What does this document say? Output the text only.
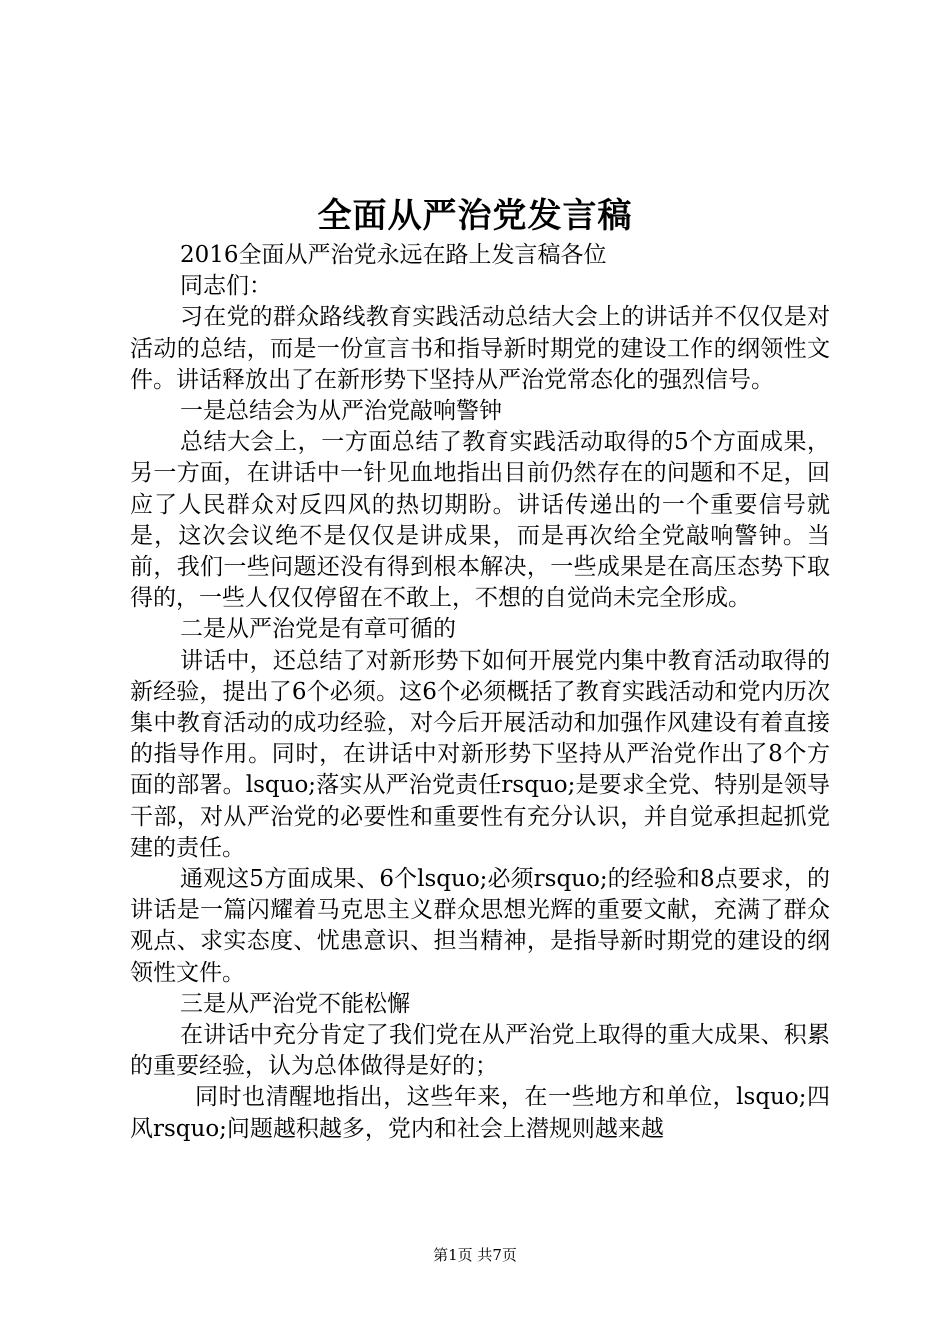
全面从严治党发言稿

2016全面从严治党永远在路上发言稿各位

同志们：

习在党的群众路线教育实践活动总结大会上的讲话并不仅仅是对活动的总结，而是一份宣言书和指导新时期党的建设工作的纲领性文件。讲话释放出了在新形势下坚持从严治党常态化的强烈信号。

一是总结会为从严治党敲响警钟

总结大会上，一方面总结了教育实践活动取得的5个方面成果，另一方面，在讲话中一针见血地指出目前仍然存在的问题和不足，回应了人民群众对反四风的热切期盼。讲话传递出的一个重要信号就是，这次会议绝不是仅仅是讲成果，而是再次给全党敲响警钟。当前，我们一些问题还没有得到根本解决，一些成果是在高压态势下取得的，一些人仅仅停留在不敢上，不想的自觉尚未完全形成。

二是从严治党是有章可循的

讲话中，还总结了对新形势下如何开展党内集中教育活动取得的新经验，提出了6个必须。这6个必须概括了教育实践活动和党内历次集中教育活动的成功经验，对今后开展活动和加强作风建设有着直接的指导作用。同时，在讲话中对新形势下坚持从严治党作出了8个方面的部署。lsquo;落实从严治党责任rsquo;是要求全党、特别是领导干部，对从严治党的必要性和重要性有充分认识，并自觉承担起抓党建的责任。

通观这5方面成果、6个lsquo;必须rsquo;的经验和8点要求，的讲话是一篇闪耀着马克思主义群众思想光辉的重要文献，充满了群众观点、求实态度、忧患意识、担当精神，是指导新时期党的建设的纲领性文件。

三是从严治党不能松懈

在讲话中充分肯定了我们党在从严治党上取得的重大成果、积累的重要经验，认为总体做得是好的；

同时也清醒地指出，这些年来，在一些地方和单位，lsquo;四风rsquo;问题越积越多，党内和社会上潜规则越来越

第1页 共7页
